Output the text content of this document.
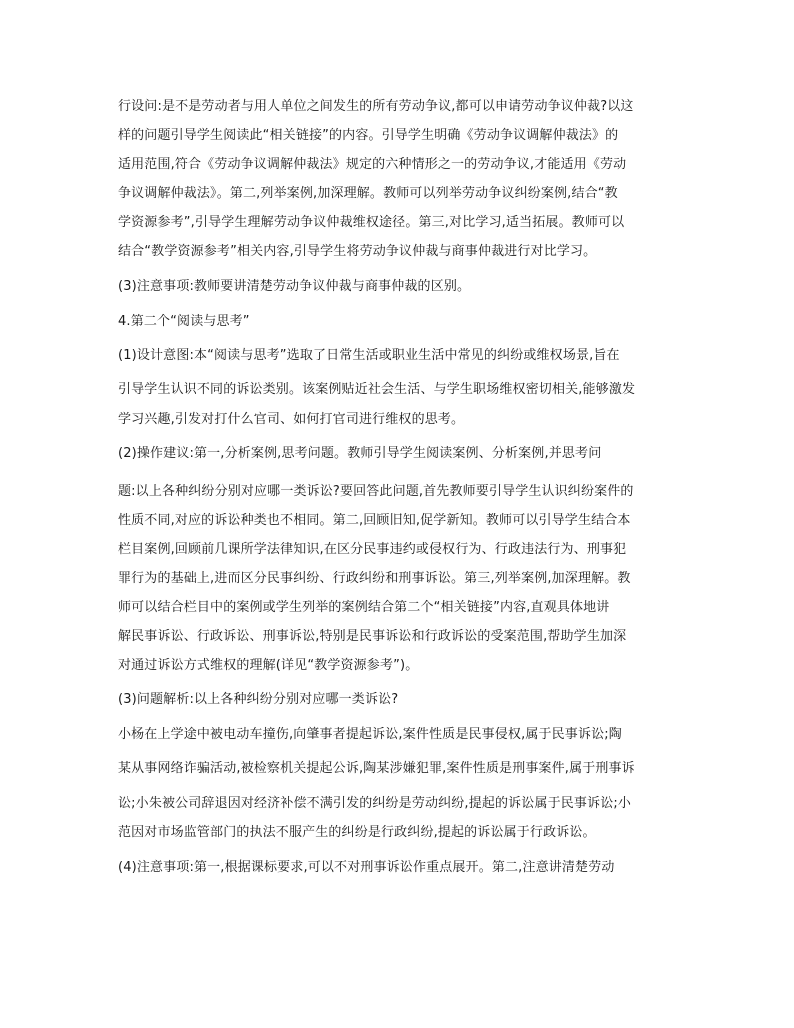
行设问:是不是劳动者与用人单位之间发生的所有劳动争议,都可以申请劳动争议仲裁?以这
样的问题引导学生阅读此“相关链接”的内容。引导学生明确《劳动争议调解仲裁法》的
适用范围,符合《劳动争议调解仲裁法》规定的六种情形之一的劳动争议,才能适用《劳动
争议调解仲裁法》。第二,列举案例,加深理解。教师可以列举劳动争议纠纷案例,结合“教
学资源参考”,引导学生理解劳动争议仲裁维权途径。第三,对比学习,适当拓展。教师可以
结合“教学资源参考”相关内容,引导学生将劳动争议仲裁与商事仲裁进行对比学习。
(3)注意事项:教师要讲清楚劳动争议仲裁与商事仲裁的区别。
4.第二个“阅读与思考”
(1)设计意图:本“阅读与思考”选取了日常生活或职业生活中常见的纠纷或维权场景,旨在
引导学生认识不同的诉讼类别。该案例贴近社会生活、与学生职场维权密切相关,能够激发
学习兴趣,引发对打什么官司、如何打官司进行维权的思考。
(2)操作建议:第一,分析案例,思考问题。教师引导学生阅读案例、分析案例,并思考问
题:以上各种纠纷分别对应哪一类诉讼?要回答此问题,首先教师要引导学生认识纠纷案件的
性质不同,对应的诉讼种类也不相同。第二,回顾旧知,促学新知。教师可以引导学生结合本
栏目案例,回顾前几课所学法律知识,在区分民事违约或侵权行为、行政违法行为、刑事犯
罪行为的基础上,进而区分民事纠纷、行政纠纷和刑事诉讼。第三,列举案例,加深理解。教
师可以结合栏目中的案例或学生列举的案例结合第二个“相关链接”内容,直观具体地讲
解民事诉讼、行政诉讼、刑事诉讼,特别是民事诉讼和行政诉讼的受案范围,帮助学生加深
对通过诉讼方式维权的理解(详见“教学资源参考”)。
(3)问题解析:以上各种纠纷分别对应哪一类诉讼?
小杨在上学途中被电动车撞伤,向肇事者提起诉讼,案件性质是民事侵权,属于民事诉讼;陶
某从事网络诈骗活动,被检察机关提起公诉,陶某涉嫌犯罪,案件性质是刑事案件,属于刑事诉
讼;小朱被公司辞退因对经济补偿不满引发的纠纷是劳动纠纷,提起的诉讼属于民事诉讼;小
范因对市场监管部门的执法不服产生的纠纷是行政纠纷,提起的诉讼属于行政诉讼。
(4)注意事项:第一,根据课标要求,可以不对刑事诉讼作重点展开。第二,注意讲清楚劳动
